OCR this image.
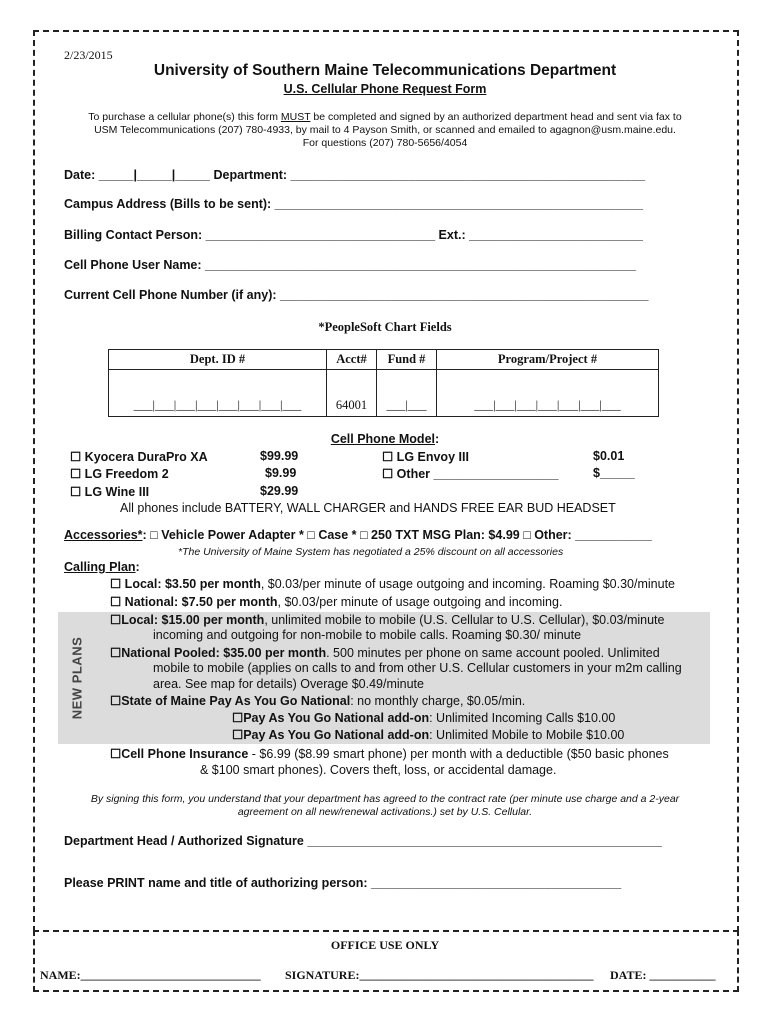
2/23/2015
University of Southern Maine Telecommunications Department
U.S. Cellular Phone Request Form
To purchase a cellular phone(s) this form MUST be completed and signed by an authorized department head and sent via fax to
USM Telecommunications (207) 780-4933, by mail to 4 Payson Smith, or scanned and emailed to agagnon@usm.maine.edu.
For questions (207) 780-5656/4054
Date: _____|_____|_____ Department: ___________________________________________________
Campus Address (Bills to be sent): _____________________________________________________
Billing Contact Person: _________________________________ Ext.: _________________________
Cell Phone User Name: ______________________________________________________________
Current Cell Phone Number (if any): _____________________________________________________
*PeopleSoft Chart Fields
Dept. ID #	Acct#	Fund #	Program/Project #
___|___|___|___|___|___|___|___	64001	___|___	___|___|___|___|___|___|___
Cell Phone Model:
☐ Kyocera DuraPro XA	$99.99
☐ LG Freedom 2	$9.99
☐ LG Wine III	$29.99
☐ LG Envoy III	$0.01
☐ Other __________________	$_____
All phones include BATTERY, WALL CHARGER and HANDS FREE EAR BUD HEADSET
Accessories*: □ Vehicle Power Adapter * □ Case * □ 250 TXT MSG Plan: $4.99 □ Other: ___________
*The University of Maine System has negotiated a 25% discount on all accessories
Calling Plan:
☐ Local: $3.50 per month, $0.03/per minute of usage outgoing and incoming. Roaming $0.30/minute
☐ National: $7.50 per month, $0.03/per minute of usage outgoing and incoming.
NEW PLANS
☐Local: $15.00 per month, unlimited mobile to mobile (U.S. Cellular to U.S. Cellular), $0.03/minute
incoming and outgoing for non-mobile to mobile calls. Roaming $0.30/ minute
☐National Pooled: $35.00 per month. 500 minutes per phone on same account pooled. Unlimited
mobile to mobile (applies on calls to and from other U.S. Cellular customers in your m2m calling
area. See map for details) Overage $0.49/minute
☐State of Maine Pay As You Go National: no monthly charge, $0.05/min.
☐Pay As You Go National add-on: Unlimited Incoming Calls $10.00
☐Pay As You Go National add-on: Unlimited Mobile to Mobile $10.00
☐Cell Phone Insurance - $6.99 ($8.99 smart phone) per month with a deductible ($50 basic phones
& $100 smart phones). Covers theft, loss, or accidental damage.
By signing this form, you understand that your department has agreed to the contract rate (per minute use charge and a 2-year
agreement on all new/renewal activations.) set by U.S. Cellular.
Department Head / Authorized Signature ___________________________________________________
Please PRINT name and title of authorizing person: ____________________________________
OFFICE USE ONLY
NAME:______________________________ SIGNATURE:_______________________________________ DATE: ___________
